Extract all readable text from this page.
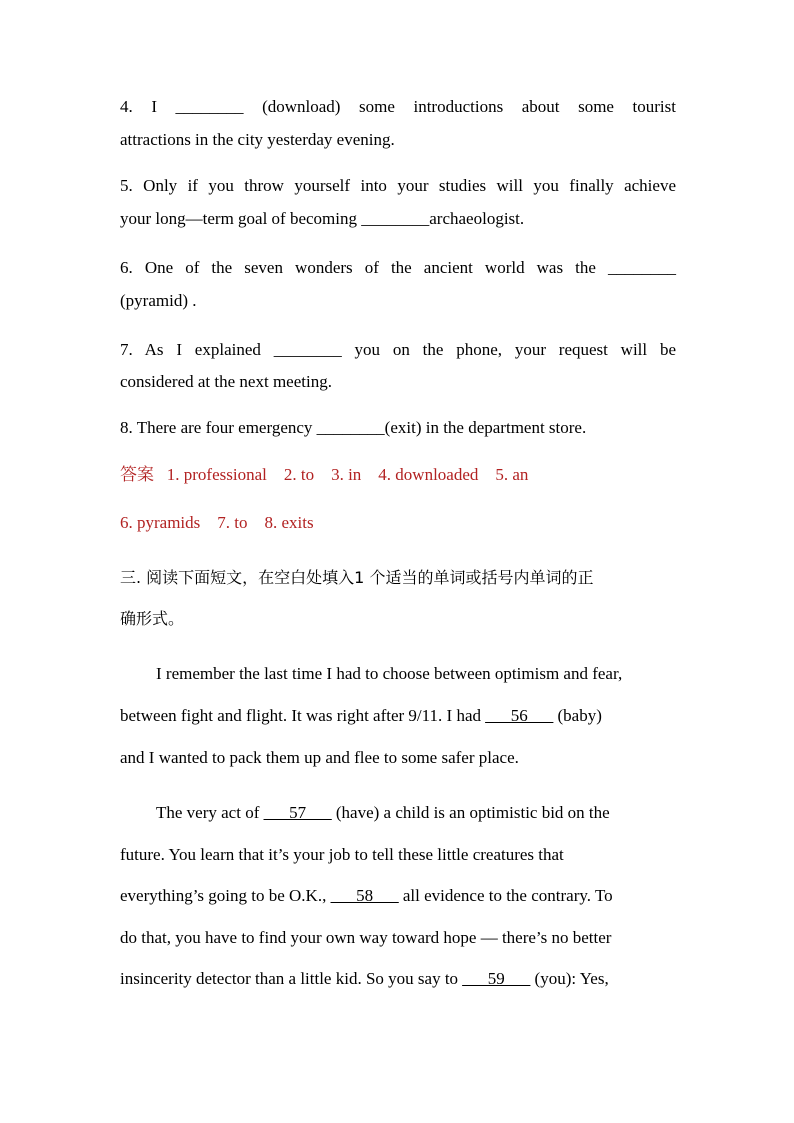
4. I ________ (download) some introductions about some tourist
attractions in the city yesterday evening.
5. Only if you throw yourself into your studies will you finally achieve
your long—term goal of becoming ________archaeologist.
6. One of the seven wonders of the ancient world was the ________
(pyramid) .
7. As I explained ________ you on the phone, your request will be
considered at the next meeting.
8. There are four emergency ________(exit) in the department store.
答案   1. professional    2. to    3. in    4. downloaded    5. an
6. pyramids    7. to    8. exits
三. 阅读下面短文，在空白处填入1 个适当的单词或括号内单词的正
确形式。
I remember the last time I had to choose between optimism and fear,
between fight and flight. It was right after 9/11. I had ___56___ (baby)
and I wanted to pack them up and flee to some safer place.
The very act of ___57___ (have) a child is an optimistic bid on the
future. You learn that it’s your job to tell these little creatures that
everything’s going to be O.K., ___58___ all evidence to the contrary. To
do that, you have to find your own way toward hope — there’s no better
insincerity detector than a little kid. So you say to ___59___ (you): Yes,
